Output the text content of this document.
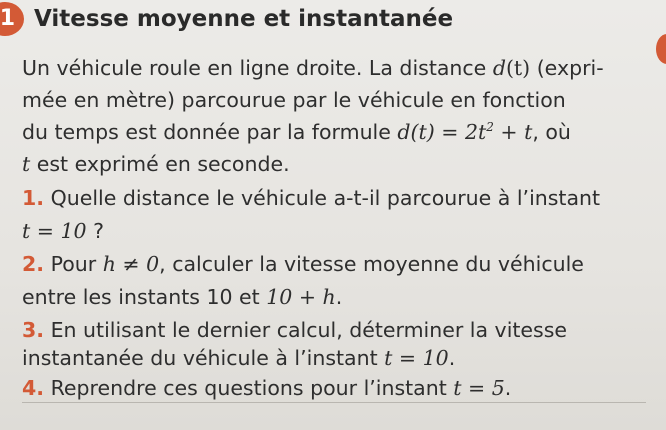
1 Vitesse moyenne et instantanée
Un véhicule roule en ligne droite. La distance d(t) (expri-
mée en mètre) parcourue par le véhicule en fonction
du temps est donnée par la formule $d(t) = 2t^2 + t$, où
t est exprimé en seconde.
1. Quelle distance le véhicule a-t-il parcourue à l’instant
t = 10 ?
2. Pour h ≠ 0, calculer la vitesse moyenne du véhicule
entre les instants 10 et 10 + h.
3. En utilisant le dernier calcul, déterminer la vitesse
instantanée du véhicule à l’instant t = 10.
4. Reprendre ces questions pour l’instant t = 5.
